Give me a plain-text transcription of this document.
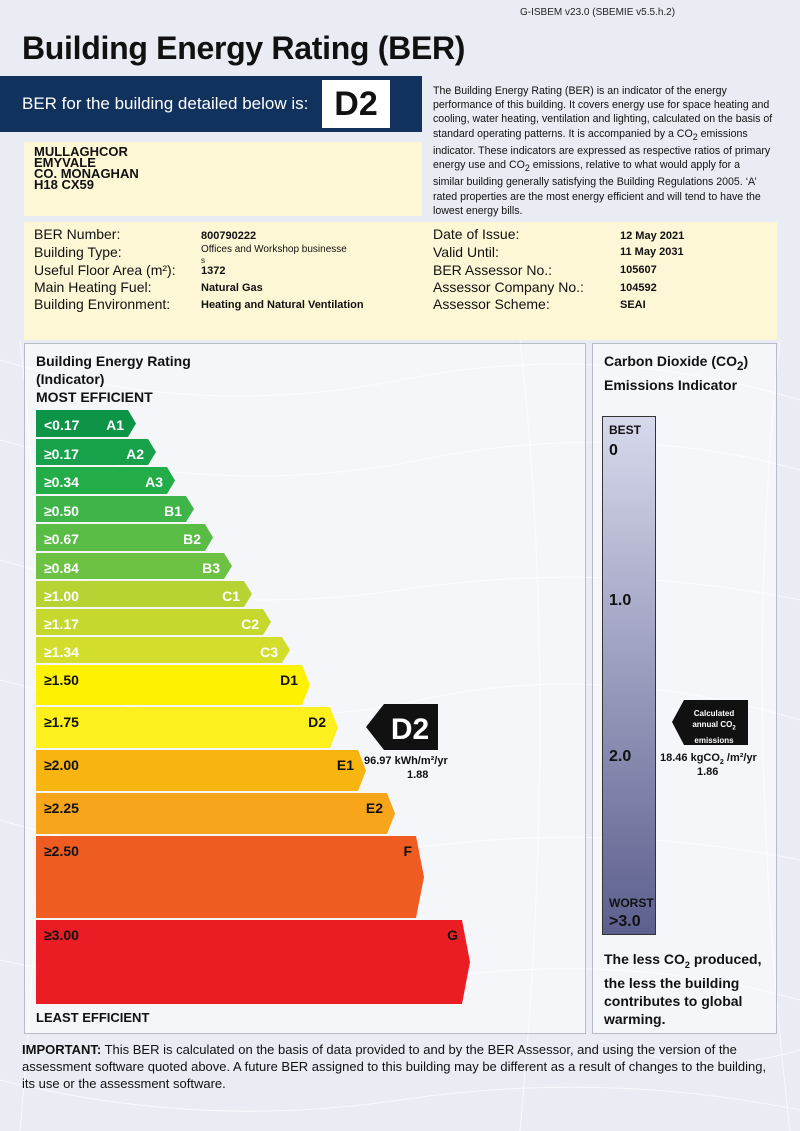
G-ISBEM v23.0 (SBEMIE v5.5.h.2)
Building Energy Rating (BER)
BER for the building detailed below is: D2
MULLAGHCOR
EMYVALE
CO. MONAGHAN
H18 CX59
The Building Energy Rating (BER) is an indicator of the energy performance of this building. It covers energy use for space heating and cooling, water heating, ventilation and lighting, calculated on the basis of standard operating patterns. It is accompanied by a $CO_2$ emissions indicator. These indicators are expressed as respective ratios of primary energy use and $CO_2$ emissions, relative to what would apply for a similar building generally satisfying the Building Regulations 2005. ‘A’ rated properties are the most energy efficient and will tend to have the lowest energy bills.
BER Number:	800790222
Building Type:	Offices and Workshop businesse
s
Useful Floor Area (m²): 1372
Main Heating Fuel:	Natural Gas
Building Environment:	Heating and Natural Ventilation
Date of Issue:	12 May 2021
Valid Until:	11 May 2031
BER Assessor No.:	105607
Assessor Company No.:	104592
Assessor Scheme:	SEAI
Building Energy Rating
(Indicator)
MOST EFFICIENT
<0.17 A1
≥0.17	A2
≥0.34	A3
≥0.50	B1
≥0.67	B2
≥0.84	B3
≥1.00	C1
≥1.17	C2
≥1.34	C3
≥1.50	D1
≥1.75	D2
≥2.00	E1
≥2.25	E2
≥2.50	F
≥3.00	G
LEAST EFFICIENT
D2
96.97 kWh/m²/yr
1.88
Carbon Dioxide $(CO_2)$
Emissions Indicator
BEST
0
1.0
2.0
WORST
>3.0
Calculated
annual $CO_2$
emissions
18.46 kgCO$_2$ /m²/yr
1.86
The less $CO_2$ produced, the less the building contributes to global warming.
IMPORTANT: This BER is calculated on the basis of data provided to and by the BER Assessor, and using the version of the assessment software quoted above. A future BER assigned to this building may be different as a result of changes to the building, its use or the assessment software.
